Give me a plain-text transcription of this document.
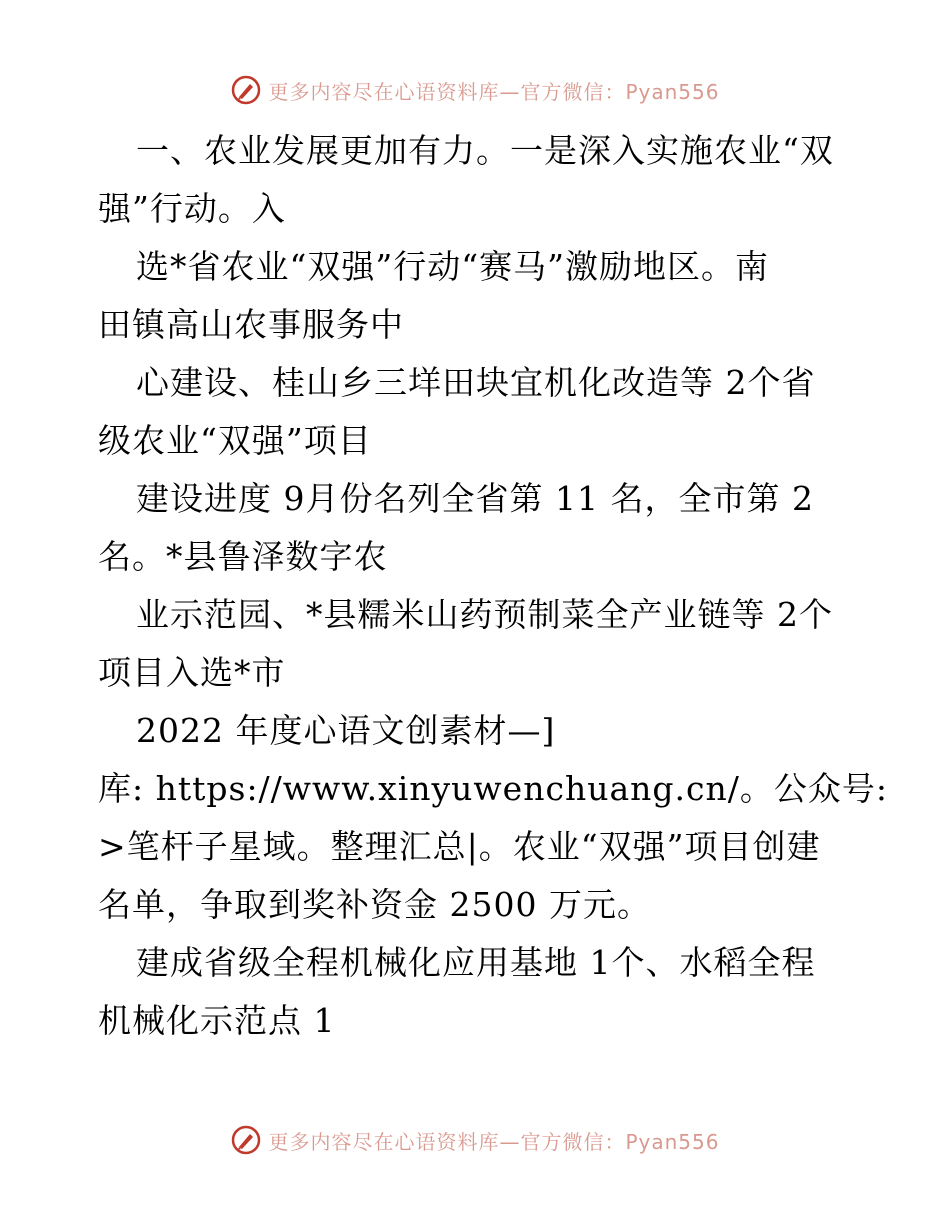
更多内容尽在心语资料库—官方微信：Pyan556
一、农业发展更加有力。一是深入实施农业“双
强”行动。入
选*省农业“双强”行动“赛马”激励地区。南
田镇高山农事服务中
心建设、桂山乡三垟田块宜机化改造等 2个省
级农业“双强”项目
建设进度 9月份名列全省第 11 名，全市第 2
名。*县鲁泽数字农
业示范园、*县糯米山药预制菜全产业链等 2个
项目入选*市
2022 年度心语文创素材—]
库: https://www.xinyuwenchuang.cn/。公众号:
>笔杆子星域。整理汇总|。农业“双强”项目创建
名单，争取到奖补资金 2500 万元。
建成省级全程机械化应用基地 1个、水稻全程
机械化示范点 1
更多内容尽在心语资料库—官方微信：Pyan556
